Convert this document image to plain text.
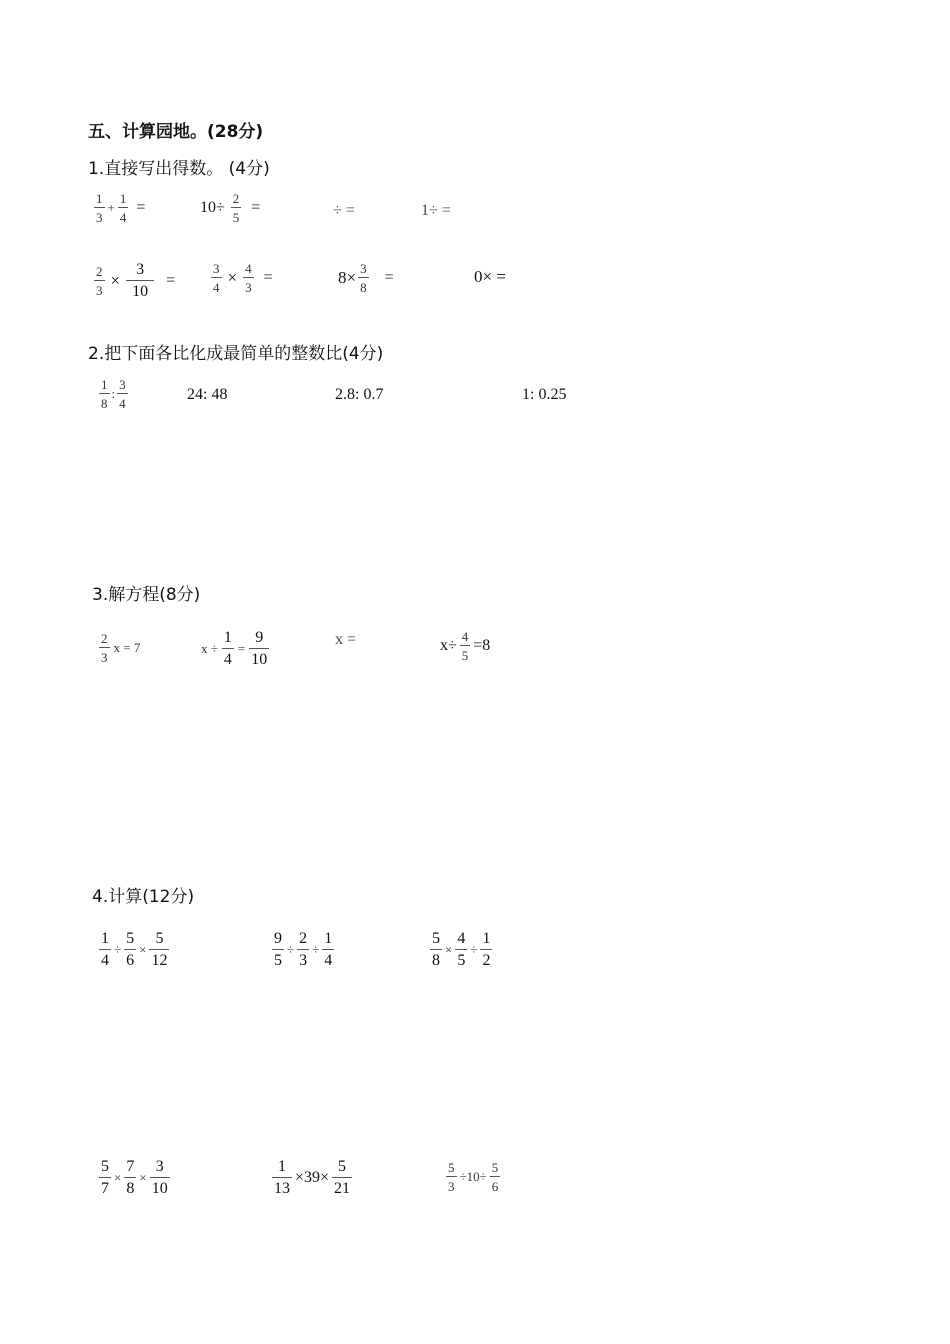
五、计算园地。(28分)
1.直接写出得数。 (4分)
$\frac{1}{3} + \frac{1}{4}$ =	$10\div \frac{2}{5}$ =	÷ =	1÷ =
$\frac{2}{3} \times \frac{3}{10}$ =	$\frac{3}{4} \times \frac{4}{3}$ =	$8\times \frac{3}{8}$ =	0× =
2.把下面各比化成最简单的整数比(4分)
$\frac{1}{8}$ : $\frac{3}{4}$	24: 48	2.8: 0.7	1: 0.25
3.解方程(8分)
$\frac{2}{3}$ x = 7	$x \div \frac{1}{4} = \frac{9}{10}$	x =	$x\div \frac{4}{5} =8$
4.计算(12分)
$\frac{1}{4} \div \frac{5}{6} \times \frac{5}{12}$	$\frac{9}{5} \div \frac{2}{3} \div \frac{1}{4}$	$\frac{5}{8} \times \frac{4}{5} \div \frac{1}{2}$
$\frac{5}{7} \times \frac{7}{8} \times \frac{3}{10}$	$\frac{1}{13} \times 39\times \frac{5}{21}$	$\frac{5}{3} \div 10\div \frac{5}{6}$
